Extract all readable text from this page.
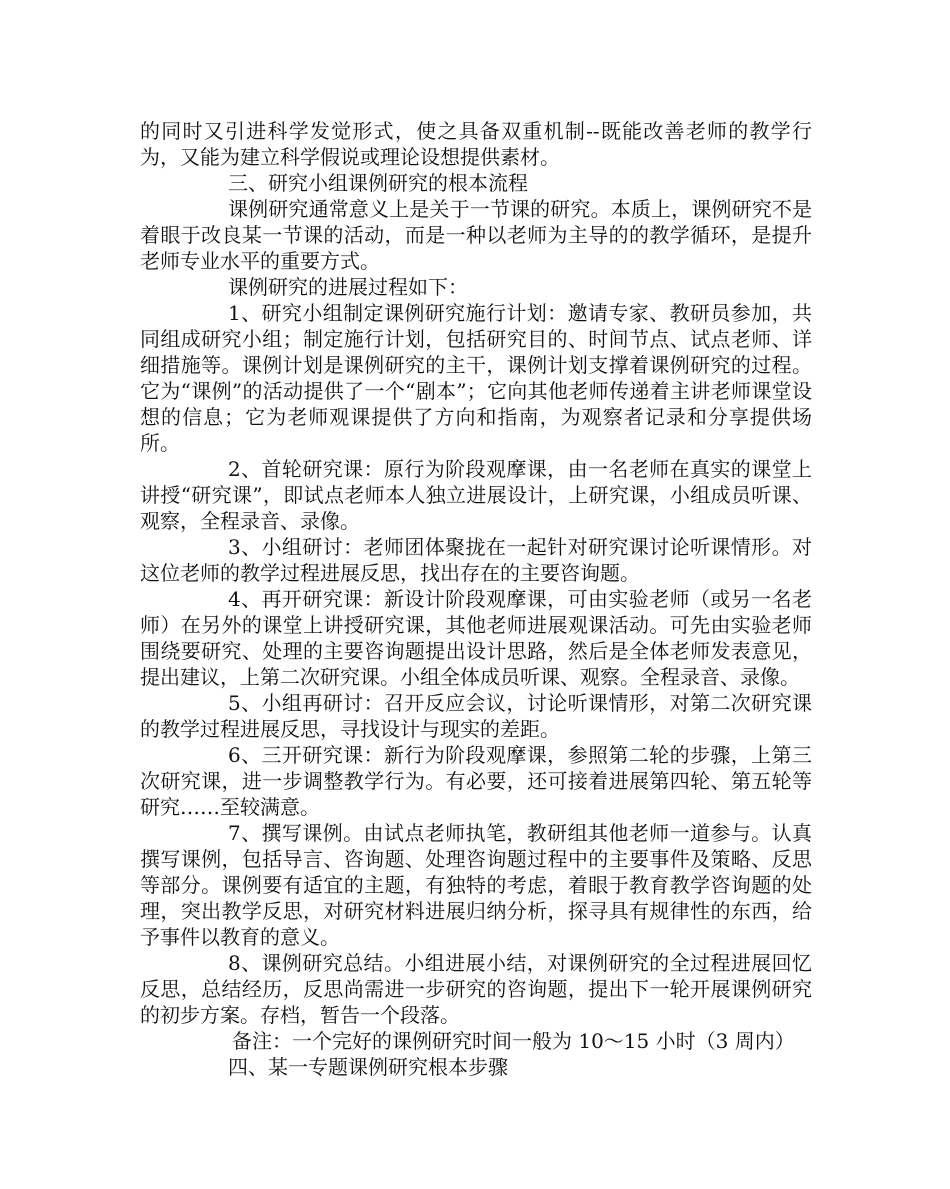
的同时又引进科学发觉形式，使之具备双重机制--既能改善老师的教学行为，又能为建立科学假说或理论设想提供素材。

三、研究小组课例研究的根本流程

课例研究通常意义上是关于一节课的研究。本质上，课例研究不是着眼于改良某一节课的活动，而是一种以老师为主导的的教学循环，是提升老师专业水平的重要方式。

课例研究的进展过程如下：

1、研究小组制定课例研究施行计划：邀请专家、教研员参加，共同组成研究小组；制定施行计划，包括研究目的、时间节点、试点老师、详细措施等。课例计划是课例研究的主干，课例计划支撑着课例研究的过程。它为“课例”的活动提供了一个“剧本”；它向其他老师传递着主讲老师课堂设想的信息；它为老师观课提供了方向和指南，为观察者记录和分享提供场所。

2、首轮研究课：原行为阶段观摩课，由一名老师在真实的课堂上讲授“研究课”，即试点老师本人独立进展设计，上研究课，小组成员听课、观察，全程录音、录像。

3、小组研讨：老师团体聚拢在一起针对研究课讨论听课情形。对这位老师的教学过程进展反思，找出存在的主要咨询题。

4、再开研究课：新设计阶段观摩课，可由实验老师（或另一名老师）在另外的课堂上讲授研究课，其他老师进展观课活动。可先由实验老师围绕要研究、处理的主要咨询题提出设计思路，然后是全体老师发表意见，提出建议，上第二次研究课。小组全体成员听课、观察。全程录音、录像。

5、小组再研讨：召开反应会议，讨论听课情形，对第二次研究课的教学过程进展反思，寻找设计与现实的差距。

6、三开研究课：新行为阶段观摩课，参照第二轮的步骤，上第三次研究课，进一步调整教学行为。有必要，还可接着进展第四轮、第五轮等研究……至较满意。

7、撰写课例。由试点老师执笔，教研组其他老师一道参与。认真撰写课例，包括导言、咨询题、处理咨询题过程中的主要事件及策略、反思等部分。课例要有适宜的主题，有独特的考虑，着眼于教育教学咨询题的处理，突出教学反思，对研究材料进展归纳分析，探寻具有规律性的东西，给予事件以教育的意义。

8、课例研究总结。小组进展小结，对课例研究的全过程进展回忆反思，总结经历，反思尚需进一步研究的咨询题，提出下一轮开展课例研究的初步方案。存档，暂告一个段落。

备注：一个完好的课例研究时间一般为 10～15 小时（3 周内）

四、某一专题课例研究根本步骤
